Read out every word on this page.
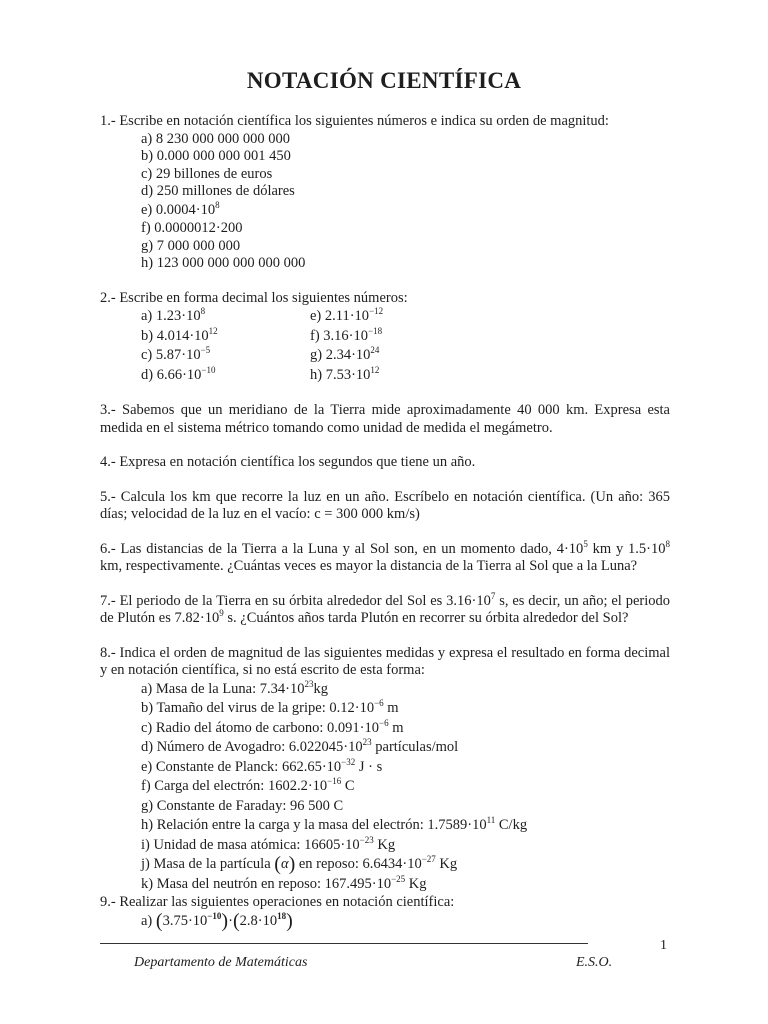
NOTACIÓN CIENTÍFICA

1.- Escribe en notación científica los siguientes números e indica su orden de magnitud:

a) 8 230 000 000 000 000
b) 0.000 000 000 001 450
c) 29 billones de euros
d) 250 millones de dólares
e) $0.0004\cdot 10^8$
f) 0.0000012·200
g) 7 000 000 000
h) 123 000 000 000 000 000

2.- Escribe en forma decimal los siguientes números:

a) $1.23\cdot 10^8$	e) $2.11\cdot 10^{-12}$
b) $4.014\cdot 10^{12}$	f) $3.16\cdot 10^{-18}$
c) $5.87\cdot 10^{-5}$	g) $2.34\cdot 10^{24}$
d) $6.66\cdot 10^{-10}$	h) $7.53\cdot 10^{12}$

3.- Sabemos que un meridiano de la Tierra mide aproximadamente 40 000 km. Expresa esta medida en el sistema métrico tomando como unidad de medida el megámetro.

4.- Expresa en notación científica los segundos que tiene un año.

5.- Calcula los km que recorre la luz en un año. Escríbelo en notación científica. (Un año: 365 días; velocidad de la luz en el vacío: c = 300 000 km/s)

6.- Las distancias de la Tierra a la Luna y al Sol son, en un momento dado, $4\cdot 10^5$ km y $1.5\cdot 10^8$ km, respectivamente. ¿Cuántas veces es mayor la distancia de la Tierra al Sol que a la Luna?

7.- El periodo de la Tierra en su órbita alrededor del Sol es $3.16\cdot 10^7$ s, es decir, un año; el periodo de Plutón es $7.82\cdot 10^9$ s. ¿Cuántos años tarda Plutón en recorrer su órbita alrededor del Sol?

8.- Indica el orden de magnitud de las siguientes medidas y expresa el resultado en forma decimal y en notación científica, si no está escrito de esta forma:

a) Masa de la Luna: $7.34\cdot 10^{23}kg$
b) Tamaño del virus de la gripe: $0.12\cdot 10^{-6}$ m
c) Radio del átomo de carbono: $0.091\cdot 10^{-6}$ m
d) Número de Avogadro: $6.022045\cdot 10^{23}$ partículas/mol
e) Constante de Planck: $662.65\cdot 10^{-32}$ J · s
f) Carga del electrón: $1602.2\cdot 10^{-16}$ C
g) Constante de Faraday: 96 500 C
h) Relación entre la carga y la masa del electrón: $1.7589\cdot 10^{11}$ C/kg
i) Unidad de masa atómica: $16605\cdot 10^{-23}$ Kg
j) Masa de la partícula (α) en reposo: $6.6434\cdot 10^{-27}$ Kg
k) Masa del neutrón en reposo: $167.495\cdot 10^{-25}$ Kg

9.- Realizar las siguientes operaciones en notación científica:

a) $(3.75\cdot 10^{-10})\cdot(2.8\cdot 10^{18})$
1
Departamento de Matemáticas	E.S.O.
